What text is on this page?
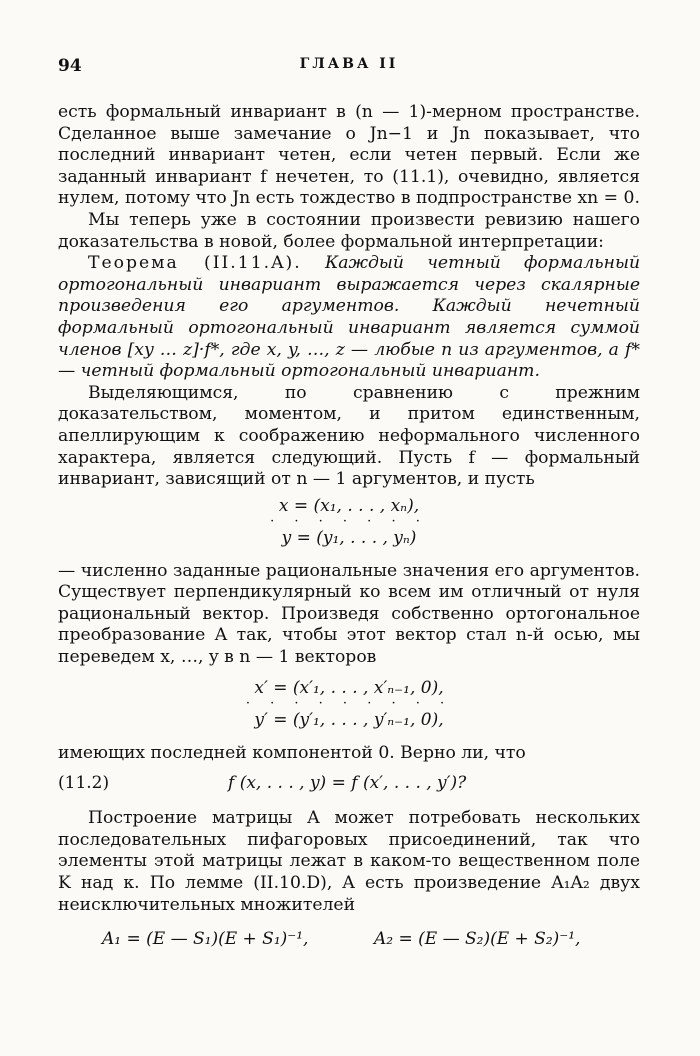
94	ГЛАВА II

есть формальный инвариант в (n — 1)-мерном пространстве. Сделанное выше замечание о Jn−1 и Jn показывает, что последний инвариант четен, если четен первый. Если же заданный инвариант f нечетен, то (11.1), очевидно, является нулем, потому что Jn есть тождество в подпространстве xn = 0.

Мы теперь уже в состоянии произвести ревизию нашего доказательства в новой, более формальной интерпретации:

Теорема (II.11.A). Каждый четный формальный ортогональный инвариант выражается через скалярные произведения его аргументов. Каждый нечетный формальный ортогональный инвариант является суммой членов [xy … z]·f*, где x, y, …, z — любые n из аргументов, а f* — четный формальный ортогональный инвариант.

Выделяющимся, по сравнению с прежним доказательством, моментом, и притом единственным, апеллирующим к соображению неформального численного характера, является следующий. Пусть f — формальный инвариант, зависящий от n — 1 аргументов, и пусть

x = (x₁, . . . , xₙ),
· · · · · · ·
y = (y₁, . . . , yₙ)

— численно заданные рациональные значения его аргументов. Существует перпендикулярный ко всем им отличный от нуля рациональный вектор. Произведя собственно ортогональное преобразование A так, чтобы этот вектор стал n-й осью, мы переведем x, …, y в n — 1 векторов

x′ = (x′₁, . . . , x′ₙ₋₁, 0),
· · · · · · · · ·
y′ = (y′₁, . . . , y′ₙ₋₁, 0),

имеющих последней компонентой 0. Верно ли, что

(11.2)	f (x, . . . , y) = f (x′, . . . , y′)?

Построение матрицы A может потребовать нескольких последовательных пифагоровых присоединений, так что элементы этой матрицы лежат в каком-то вещественном поле K над κ. По лемме (II.10.D), A есть произведение A₁A₂ двух неисключительных множителей

A₁ = (E — S₁)(E + S₁)⁻¹,	A₂ = (E — S₂)(E + S₂)⁻¹,
